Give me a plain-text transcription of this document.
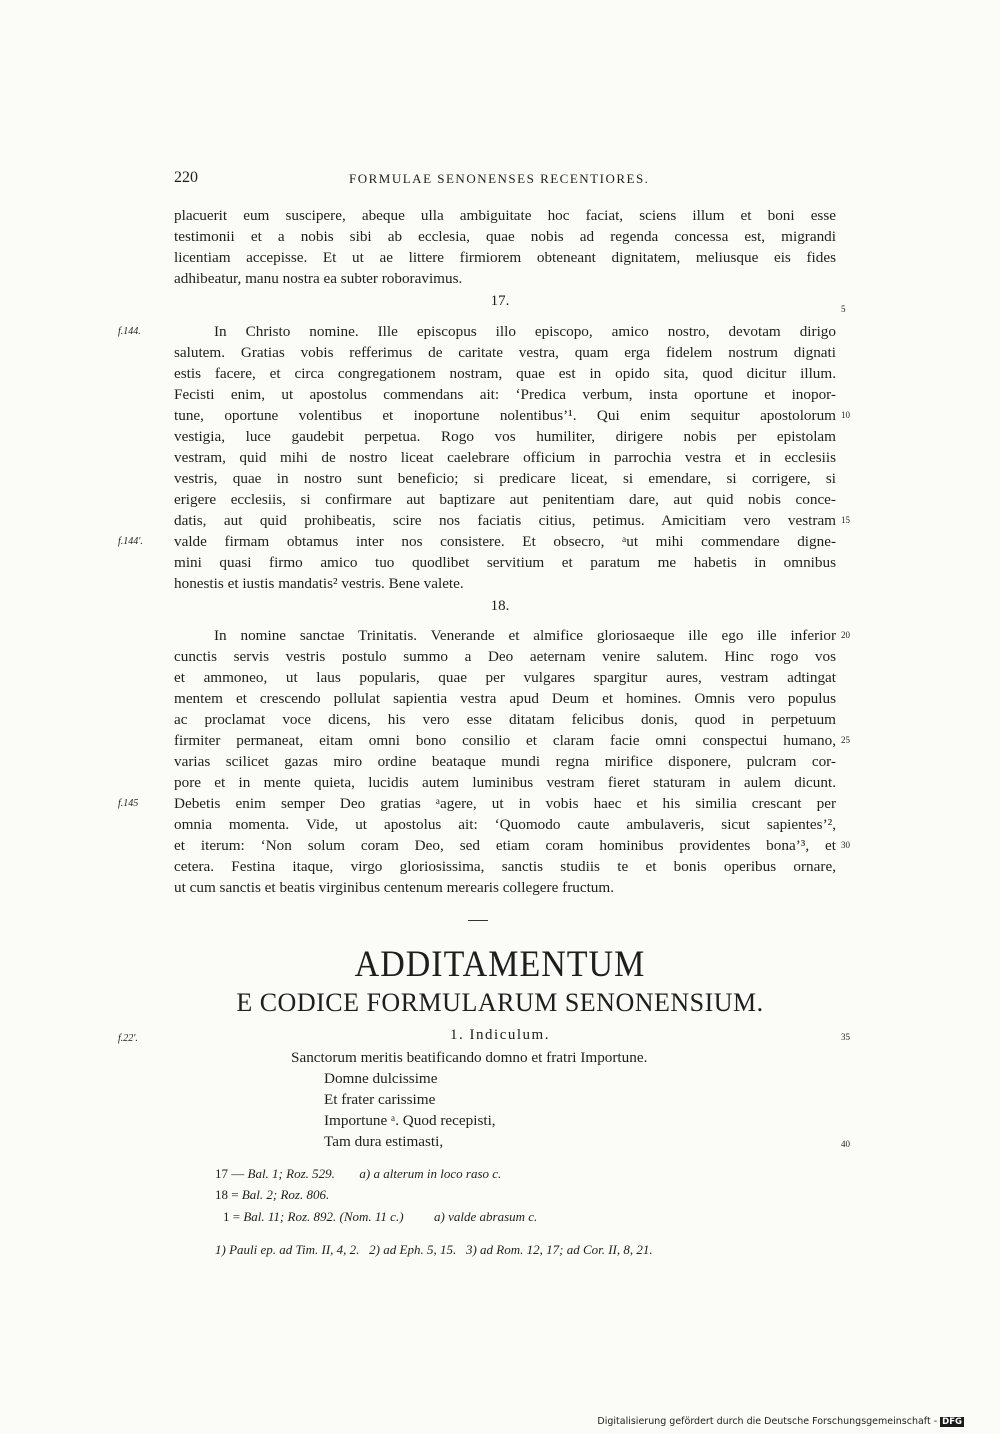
220	FORMULAE SENONENSES RECENTIORES.
placuerit eum suscipere, abeque ulla ambiguitate hoc faciat, sciens illum et boni esse
testimonii et a nobis sibi ab ecclesia, quae nobis ad regenda concessa est, migrandi
licentiam accepisse. Et ut ae littere firmiorem obteneant dignitatem, meliusque eis fides
adhibeatur, manu nostra ea subter roboravimus.
17.
In Christo nomine. Ille episcopus illo episcopo, amico nostro, devotam dirigo
salutem. Gratias vobis refferimus de caritate vestra, quam erga fidelem nostrum dignati
estis facere, et circa congregationem nostram, quae est in opido sita, quod dicitur illum.
Fecisti enim, ut apostolus commendans ait: ‘Predica verbum, insta oportune et inopor-
tune, oportune volentibus et inoportune nolentibus’¹. Qui enim sequitur apostolorum
vestigia, luce gaudebit perpetua. Rogo vos humiliter, dirigere nobis per epistolam
vestram, quid mihi de nostro liceat caelebrare officium in parrochia vestra et in ecclesiis
vestris, quae in nostro sunt beneficio; si predicare liceat, si emendare, si corrigere, si
erigere ecclesiis, si confirmare aut baptizare aut penitentiam dare, aut quid nobis conce-
datis, aut quid prohibeatis, scire nos faciatis citius, petimus. Amicitiam vero vestram
valde firmam obtamus inter nos consistere. Et obsecro, ᵃut mihi commendare digne-
mini quasi firmo amico tuo quodlibet servitium et paratum me habetis in omnibus
honestis et iustis mandatis² vestris. Bene valete.
18.
In nomine sanctae Trinitatis. Venerande et almifice gloriosaeque ille ego ille inferior
cunctis servis vestris postulo summo a Deo aeternam venire salutem. Hinc rogo vos
et ammoneo, ut laus popularis, quae per vulgares spargitur aures, vestram adtingat
mentem et crescendo pollulat sapientia vestra apud Deum et homines. Omnis vero populus
ac proclamat voce dicens, his vero esse ditatam felicibus donis, quod in perpetuum
firmiter permaneat, eitam omni bono consilio et claram facie omni conspectui humano,
varias scilicet gazas miro ordine beataque mundi regna mirifice disponere, pulcram cor-
pore et in mente quieta, lucidis autem luminibus vestram fieret staturam in aulem dicunt.
Debetis enim semper Deo gratias ᵃagere, ut in vobis haec et his similia crescant per
omnia momenta. Vide, ut apostolus ait: ‘Quomodo caute ambulaveris, sicut sapientes’²,
et iterum: ‘Non solum coram Deo, sed etiam coram hominibus providentes bona’³, et
cetera. Festina itaque, virgo gloriosissima, sanctis studiis te et bonis operibus ornare,
ut cum sanctis et beatis virginibus centenum merearis collegere fructum.
5
10
15
20
25
30
35
40
f.144.
f.144'.
f.145
f.22'.
ADDITAMENTUM
E CODICE FORMULARUM SENONENSIUM.
1. Indiculum.
Sanctorum meritis beatificando domno et fratri Importune.
Domne dulcissime
Et frater carissime
Importune ᵃ. Quod recepisti,
Tam dura estimasti,
17 — Bal. 1; Roz. 529. a) a alterum in loco raso c.
18 = Bal. 2; Roz. 806.
1 = Bal. 11; Roz. 892. (Nom. 11 c.) a) valde abrasum c.
1) Pauli ep. ad Tim. II, 4, 2.   2) ad Eph. 5, 15.   3) ad Rom. 12, 17; ad Cor. II, 8, 21.
Digitalisierung gefördert durch die Deutsche Forschungsgemeinschaft - DFG
